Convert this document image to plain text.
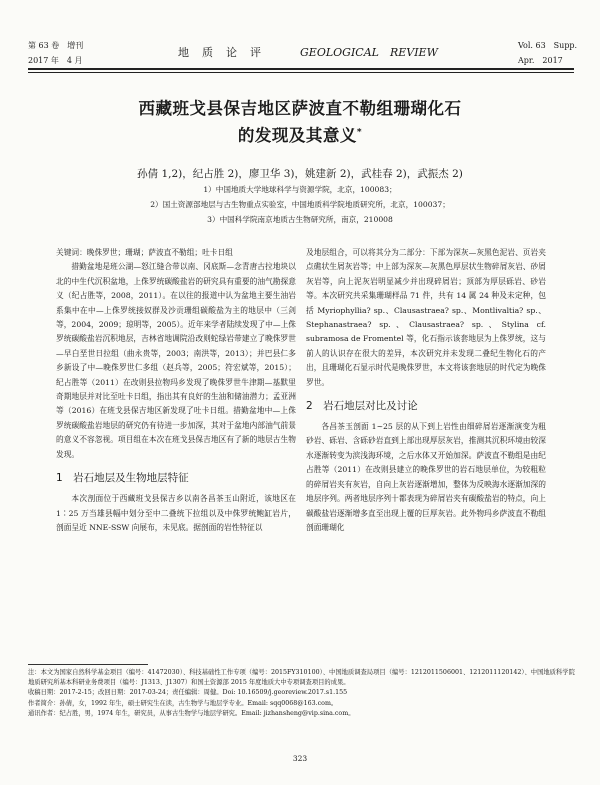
第 63 卷　增刊
2017 年　4 月
地　质　论　评	GEOLOGICAL　REVIEW
Vol. 63　Supp.
Apr.　2017
西藏班戈县保吉地区萨波直不勒组珊瑚化石
的发现及其意义*
孙倩 1,2)，纪占胜 2)，廖卫华 3)，姚建新 2)，武桂春 2)，武振杰 2)
1）中国地质大学地球科学与资源学院，北京，100083；
2）国土资源部地层与古生物重点实验室，中国地质科学院地质研究所，北京，100037；
3）中国科学院南京地质古生物研究所，南京，210008

关键词：晚侏罗世；珊瑚；萨波直不勒组；吐卡日组

措勤盆地是班公湖—怒江缝合带以南、冈底斯—念青唐古拉地块以北的中生代沉积盆地，上侏罗统碳酸盐岩的研究具有重要的油气勘探意义（纪占胜等，2008，2011）。在以往的报道中认为盆地主要生油岩系集中在中—上侏罗统接奴群及沙贡珊组碳酸盐为主的地层中（三剑等，2004，2009；琼明等，2005）。近年来学者陆续发现了中—上侏罗统碳酸盐岩沉积地层，吉林省地调院沿改则蛇绿岩带建立了晚侏罗世—早白垩世日拉组（曲永贵等，2003；南洪等，2013）；并巴县仁多乡新设了中—晚侏罗世仁多组（赵兵等，2005；符宏斌等，2015）；纪占胜等（2011）在改则县拉物玛乡发现了晚侏罗世牛津期—基默里奇期地层并对比至吐卡日组，指出其有良好的生油和储油潜力；孟亚洲等（2016）在班戈县保吉地区新发现了吐卡日组。措勤盆地中—上侏罗统碳酸盐岩地层的研究仍有待进一步加深，其对于盆地内部油气前景的意义不容忽视。项目组在本次在班戈县保吉地区有了新的地层古生物发现。

1　岩石地层及生物地层特征

本次剖面位于西藏班戈县保吉乡以南各昌茶玉山附近，该地区在 1∶25 万当雄县幅中划分至中二叠统下拉组以及中侏罗统鲍缸岩片，剖面呈近 NNE-SSW 向展布，未见底。据剖面的岩性特征以

及地层组合，可以将其分为二部分：下部为深灰—灰黑色泥岩、页岩夹点礁状生屑灰岩等；中上部为深灰—灰黑色厚层状生物碎屑灰岩、砂屑灰岩等，向上泥灰岩明显减少并出现碎屑岩；顶部为厚层砾岩、砂岩等。本次研究共采集珊瑚样品 71 件，共有 14 属 24 种及未定种，包括 Myriophyllia? sp.、Clausastraea? sp.、Montlivaltia? sp.、Stephanastraea? sp.、Clausastraea? sp.、Stylina cf. subramosa de Fromentel 等，化石指示该套地层为上侏罗统，这与前人的认识存在很大的差异，本次研究并未发现二叠纪生物化石的产出，且珊瑚化石显示时代是晚侏罗世，本文将该套地层的时代定为晚侏罗世。

2　岩石地层对比及讨论

各昌茶玉剖面 1~25 层的从下到上岩性由细碎屑岩逐渐演变为粗砂岩、砾岩、含砾砂岩直到上部出现厚层灰岩，推测其沉积环境由较深水逐渐转变为滨浅海环境，之后水体又开始加深。萨波直不勒组是由纪占胜等（2011）在改则县建立的晚侏罗世的岩石地层单位，为较粗粒的碎屑岩夹有灰岩，自向上灰岩逐渐增加，整体为反映海水逐渐加深的地层序列。两者地层序列十都表现为碎屑岩夹有碳酸盐岩的特点，向上碳酸盐岩逐渐增多直至出现上覆的巨厚灰岩。此外物玛乡萨波直不勒组剖面珊瑚化

注：本文为国家自然科学基金项目（编号：41472030）、科技基础性工作专项（编号：2015FY310100）、中国地质调查局项目（编号：1212011506001、1212011120142）、中国地质科学院地质研究所基本科研业务费项目（编号：J1313、J1307）和国土资源部 2015 年度地质大中专项调查项目的成果。
收稿日期：2017-2-15；改回日期：2017-03-24；责任编辑：周健。Doi: 10.16509/j.georeview.2017.s1.155
作者简介：孙倩，女，1992 年生，硕士研究生在读，古生物学与地层学专业。Email: sqq0068@163.com。
通讯作者：纪占胜，男，1974 年生，研究员，从事古生物学与地层学研究。Email: jizhansheng@vip.sina.com。
323
